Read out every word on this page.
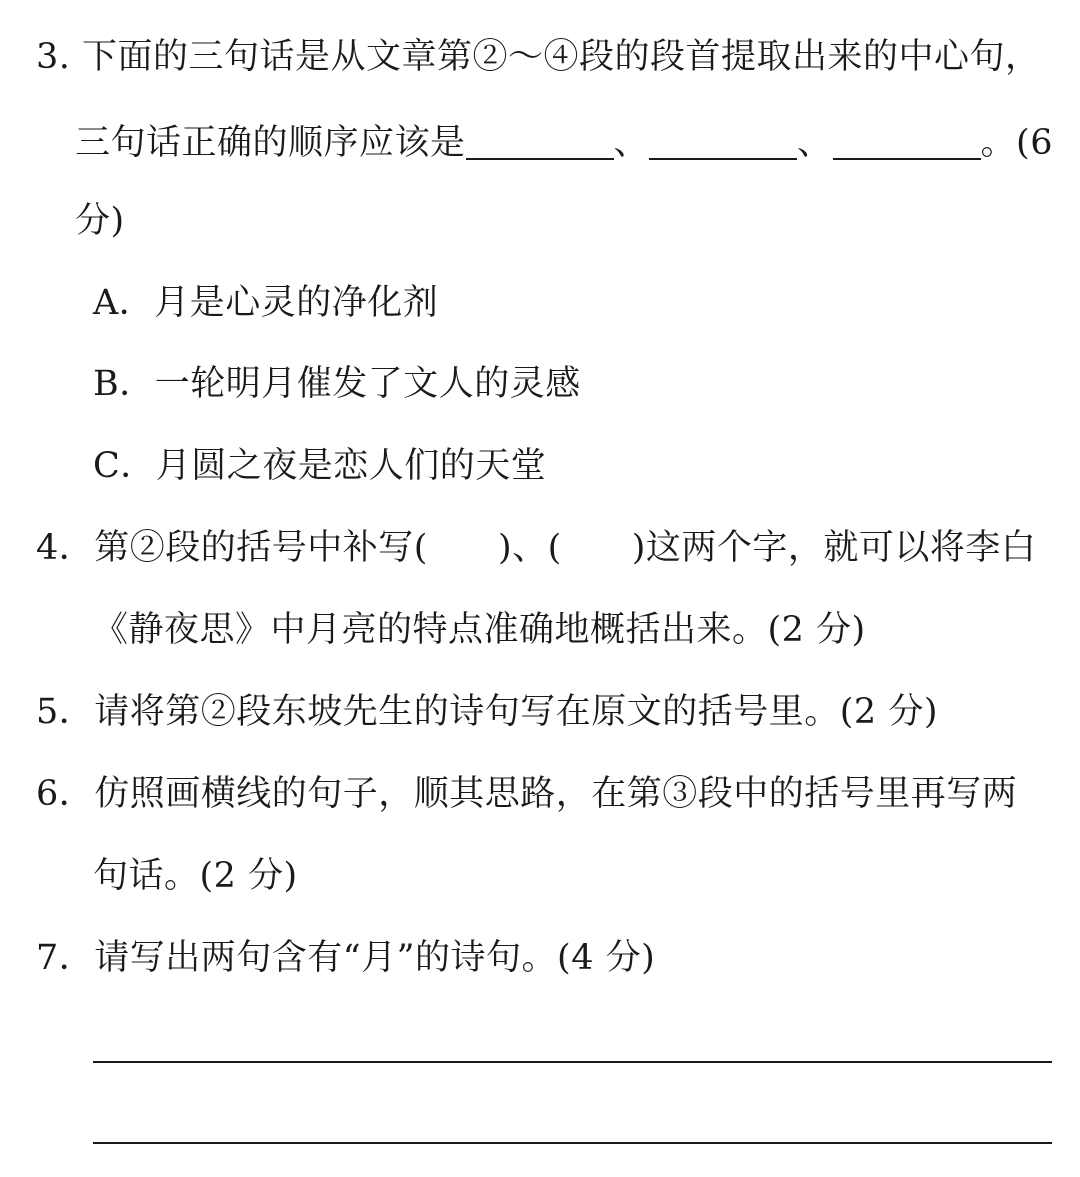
3. 下面的三句话是从文章第②～④段的段首提取出来的中心句，
三句话正确的顺序应该是	、	、	。(6
分)
A．月是心灵的净化剂
B．一轮明月催发了文人的灵感
C．月圆之夜是恋人们的天堂
4．第②段的括号中补写( )、( )这两个字，就可以将李白
《静夜思》中月亮的特点准确地概括出来。(2 分)
5．请将第②段东坡先生的诗句写在原文的括号里。(2 分)
6．仿照画横线的句子，顺其思路，在第③段中的括号里再写两
句话。(2 分)
7．请写出两句含有“月”的诗句。(4 分)
